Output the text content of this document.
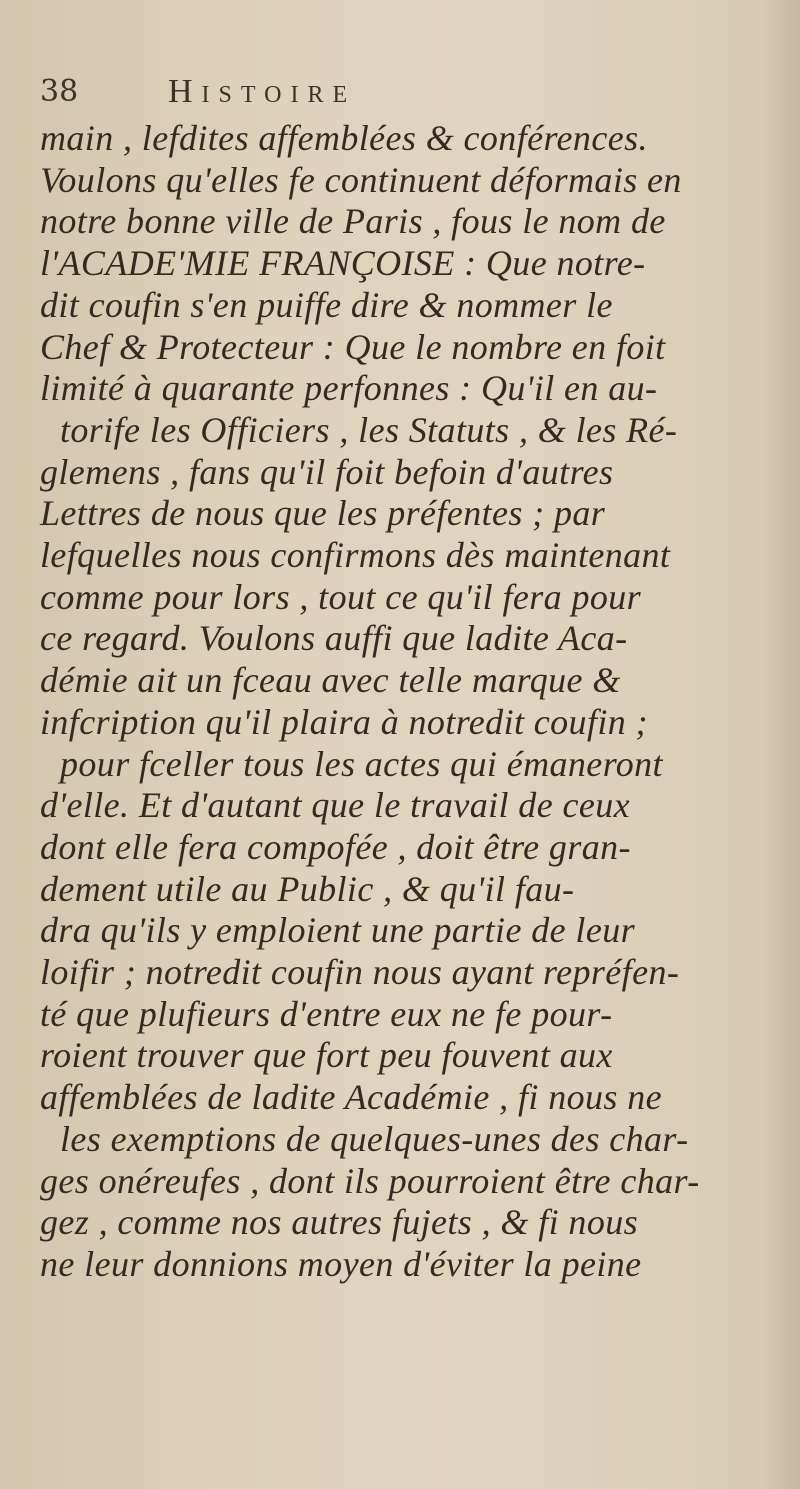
38	Histoire
main , lefdites affemblées & conférences.
Voulons qu'elles fe continuent déformais en
notre bonne ville de Paris , fous le nom de
l'ACADE'MIE FRANÇOISE : Que notre-
dit coufin s'en puiffe dire & nommer le
Chef & Protecteur : Que le nombre en foit
limité à quarante perfonnes : Qu'il en au-
torife les Officiers , les Statuts , & les Ré-
glemens , fans qu'il foit befoin d'autres
Lettres de nous que les préfentes ; par
lefquelles nous confirmons dès maintenant
comme pour lors , tout ce qu'il fera pour
ce regard. Voulons auffi que ladite Aca-
démie ait un fceau avec telle marque &
infcription qu'il plaira à notredit coufin ;
pour fceller tous les actes qui émaneront
d'elle. Et d'autant que le travail de ceux
dont elle fera compofée , doit être gran-
dement utile au Public , & qu'il fau-
dra qu'ils y emploient une partie de leur
loifir ; notredit coufin nous ayant repréfen-
té que plufieurs d'entre eux ne fe pour-
roient trouver que fort peu fouvent aux
affemblées de ladite Académie , fi nous ne
les exemptions de quelques-unes des char-
ges onéreufes , dont ils pourroient être char-
gez , comme nos autres fujets , & fi nous
ne leur donnions moyen d'éviter la peine
